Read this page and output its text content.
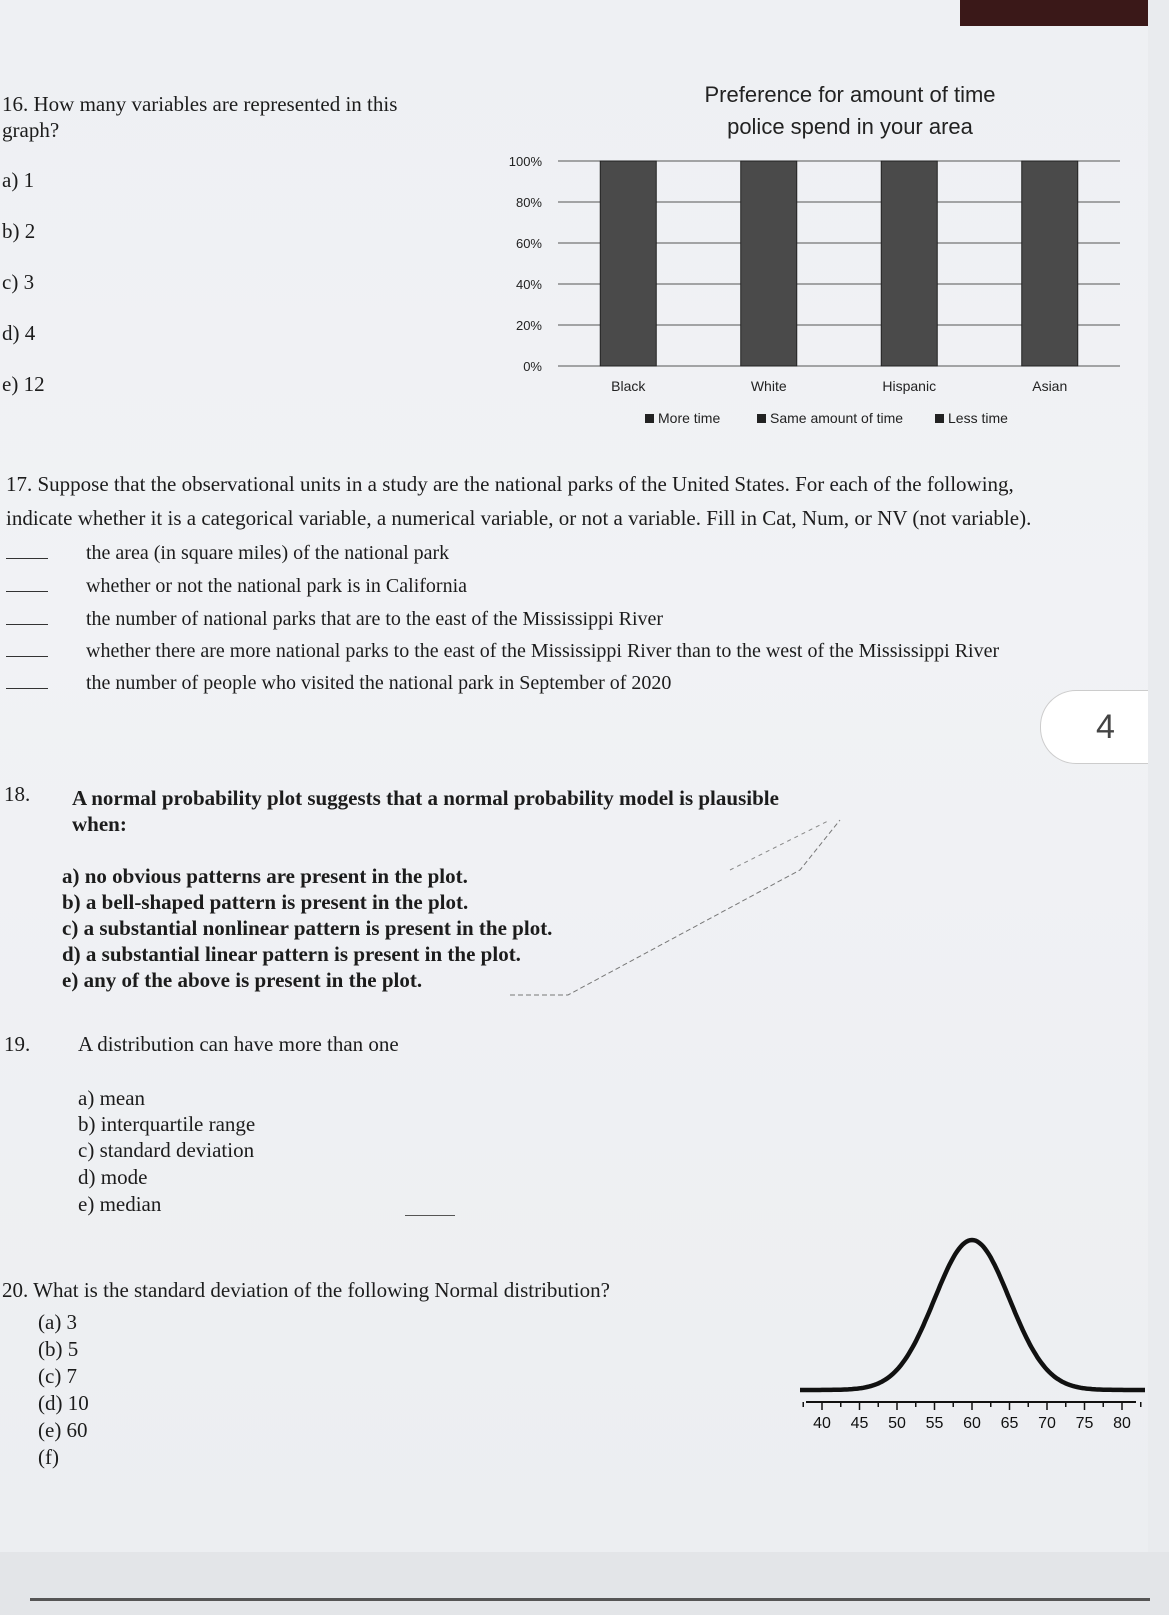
16. How many variables are represented in this
graph?
a) 1
b) 2
c) 3
d) 4
e) 12
Preference for amount of time
police spend in your area
100%
80%
60%
40%
20%
0%
Black	White	Hispanic	Asian
More time	Same amount of time	Less time
17. Suppose that the observational units in a study are the national parks of the United States. For each of the following,
indicate whether it is a categorical variable, a numerical variable, or not a variable. Fill in Cat, Num, or NV (not variable).
the area (in square miles) of the national park
whether or not the national park is in California
the number of national parks that are to the east of the Mississippi River
whether there are more national parks to the east of the Mississippi River than to the west of the Mississippi River
the number of people who visited the national park in September of 2020
18. A normal probability plot suggests that a normal probability model is plausible
when:
a) no obvious patterns are present in the plot.
b) a bell-shaped pattern is present in the plot.
c) a substantial nonlinear pattern is present in the plot.
d) a substantial linear pattern is present in the plot.
e) any of the above is present in the plot.
19. A distribution can have more than one
a) mean
b) interquartile range
c) standard deviation
d) mode
e) median
20. What is the standard deviation of the following Normal distribution?
(a) 3
(b) 5
(c) 7
(d) 10
(e) 60
(f)
40 45 50 55 60 65 70 75 80
4
